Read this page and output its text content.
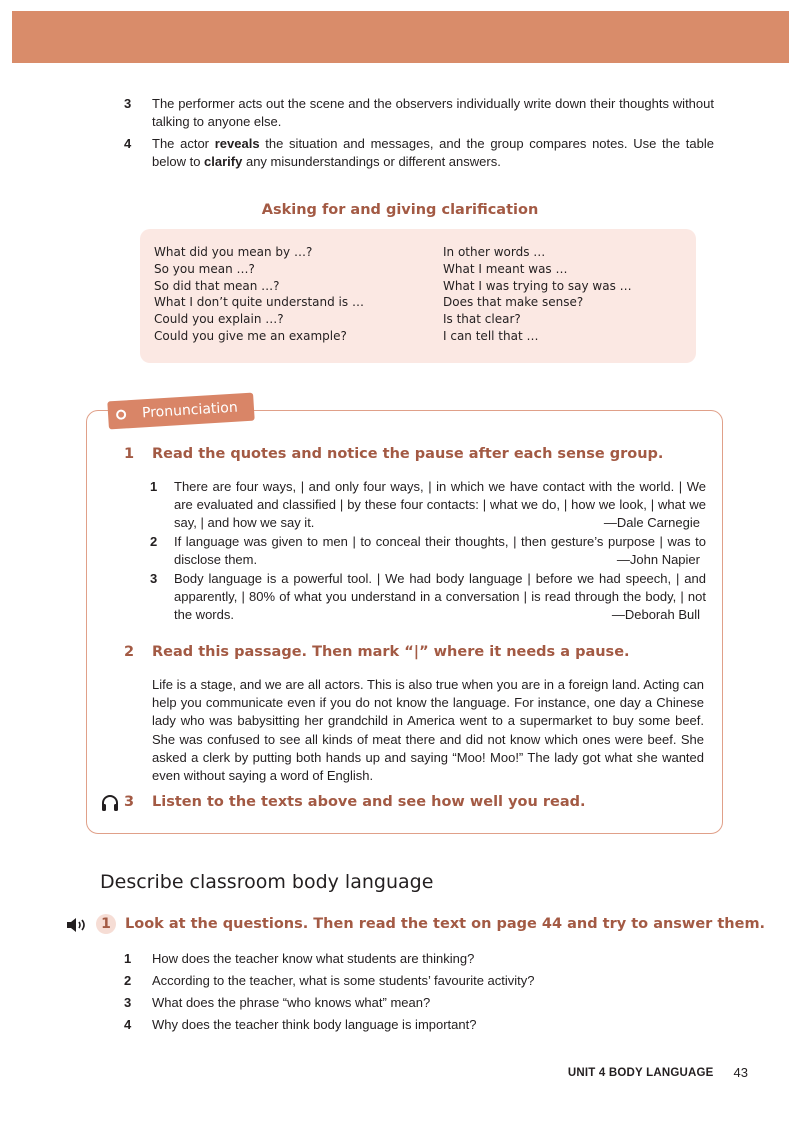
3	The performer acts out the scene and the observers individually write down their thoughts without talking to anyone else.
4	The actor reveals the situation and messages, and the group compares notes. Use the table below to clarify any misunderstandings or different answers.
Asking for and giving clarification
What did you mean by …?
So you mean …?
So did that mean …?
What I don’t quite understand is …
Could you explain …?
Could you give me an example?
In other words …
What I meant was …
What I was trying to say was …
Does that make sense?
Is that clear?
I can tell that …
Pronunciation
1	Read the quotes and notice the pause after each sense group.
1	There are four ways, | and only four ways, | in which we have contact with the world. | We are evaluated and classified | by these four contacts: | what we do, | how we look, | what we say, | and how we say it.	—Dale Carnegie
2	If language was given to men | to conceal their thoughts, | then gesture’s purpose | was to disclose them.	—John Napier
3	Body language is a powerful tool. | We had body language | before we had speech, | and apparently, | 80% of what you understand in a conversation | is read through the body, | not the words.	—Deborah Bull
2	Read this passage. Then mark “|” where it needs a pause.
Life is a stage, and we are all actors. This is also true when you are in a foreign land. Acting can help you communicate even if you do not know the language. For instance, one day a Chinese lady who was babysitting her grandchild in America went to a supermarket to buy some beef. She was confused to see all kinds of meat there and did not know which ones were beef. She asked a clerk by putting both hands up and saying “Moo! Moo!” The lady got what she wanted even without saying a word of English.
3	Listen to the texts above and see how well you read.
Describe classroom body language
1 Look at the questions. Then read the text on page 44 and try to answer them.
1	How does the teacher know what students are thinking?
2	According to the teacher, what is some students’ favourite activity?
3	What does the phrase “who knows what” mean?
4	Why does the teacher think body language is important?
UNIT 4 BODY LANGUAGE 43
